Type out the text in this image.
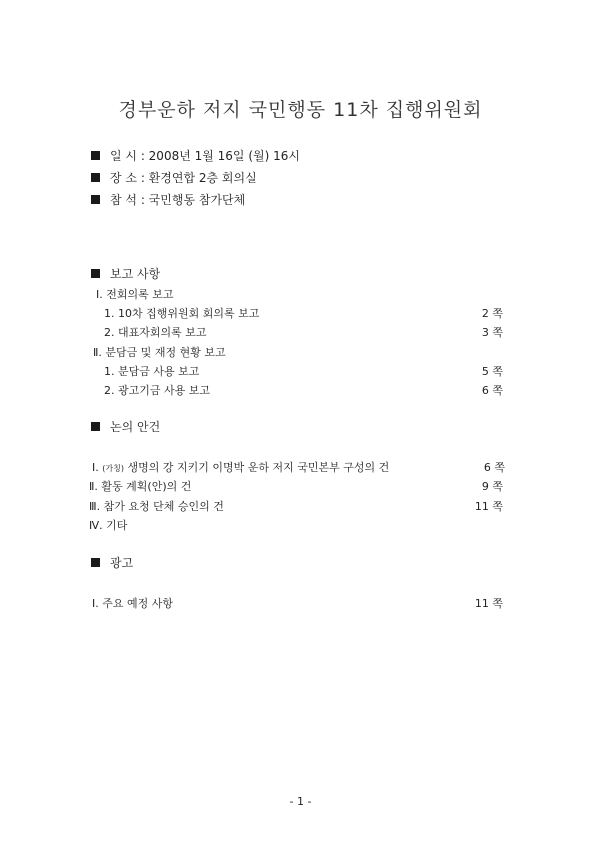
경부운하 저지 국민행동 11차 집행위원회
일 시 : 2008년 1월 16일 (월) 16시
장 소 : 환경연합 2층 회의실
참 석 : 국민행동 참가단체
보고 사항
Ⅰ. 전회의록 보고
1. 10차 집행위원회 회의록 보고	2 쪽
2. 대표자회의록 보고	3 쪽
Ⅱ. 분담금 및 재정 현황 보고
1. 분담금 사용 보고	5 쪽
2. 광고기금 사용 보고	6 쪽
논의 안건
Ⅰ. (가칭) 생명의 강 지키기 이명박 운하 저지 국민본부 구성의 건	6 쪽
Ⅱ. 활동 계획(안)의 건	9 쪽
Ⅲ. 참가 요청 단체 승인의 건	11 쪽
Ⅳ. 기타
광고
Ⅰ. 주요 예정 사항	11 쪽
- 1 -
